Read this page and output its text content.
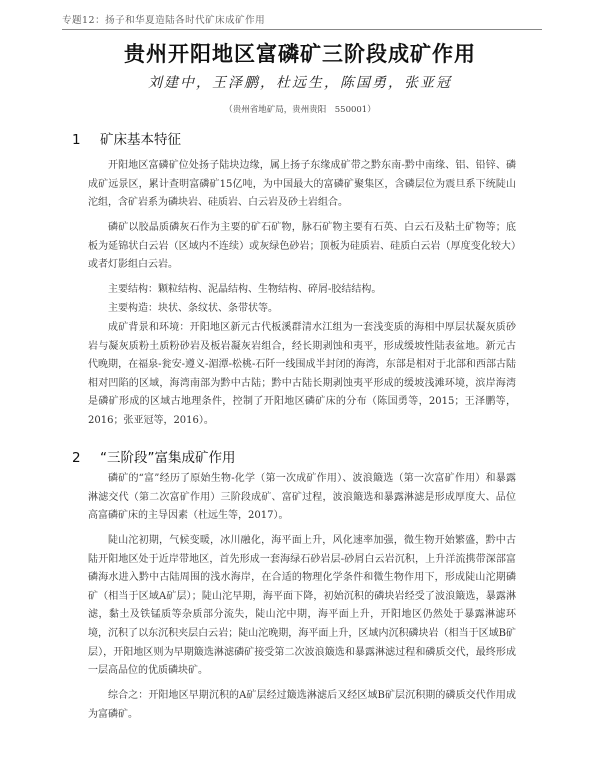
专题12：扬子和华夏造陆各时代矿床成矿作用
贵州开阳地区富磷矿三阶段成矿作用
刘建中，王泽鹏，杜远生，陈国勇，张亚冠
（贵州省地矿局，贵州贵阳　550001）
1 矿床基本特征
开阳地区富磷矿位处扬子陆块边缘，属上扬子东缘成矿带之黔东南-黔中南缘、铝、铅锌、磷成矿远景区，累计查明富磷矿15亿吨，为中国最大的富磷矿聚集区，含磷层位为震旦系下统陡山沱组，含矿岩系为磷块岩、硅质岩、白云岩及砂土岩组合。
磷矿以胶晶质磷灰石作为主要的矿石矿物，脉石矿物主要有石英、白云石及粘土矿物等；底板为延锦状白云岩（区域内不连续）或灰绿色砂岩；顶板为硅质岩、硅质白云岩（厚度变化较大）或者灯影组白云岩。
主要结构：颗粒结构、泥晶结构、生物结构、碎屑-胶结结构。
主要构造：块状、条纹状、条带状等。
成矿背景和环境：开阳地区新元古代板溪群清水江组为一套浅变质的海相中厚层状凝灰质砂岩与凝灰质粉土质粉砂岩及板岩凝灰岩组合，经长期剥蚀和夷平，形成缓坡性陆表盆地。新元古代晚期，在福泉-瓮安-遵义-湄潭-松桃-石阡一线围成半封闭的海湾，东部是相对于北部和西部古陆相对凹陷的区域，海湾南部为黔中古陆；黔中古陆长期剥蚀夷平形成的缓坡浅滩环境，滨岸海湾是磷矿形成的区域古地理条件，控制了开阳地区磷矿床的分布（陈国勇等，2015；王泽鹏等，2016；张亚冠等，2016）。
2 “三阶段”富集成矿作用
磷矿的“富”经历了原始生物-化学（第一次成矿作用）、波浪簸选（第一次富矿作用）和暴露淋滤交代（第二次富矿作用）三阶段成矿、富矿过程，波浪簸选和暴露淋滤是形成厚度大、品位高富磷矿床的主导因素（杜远生等，2017）。
陡山沱初期，气候变暖，冰川融化，海平面上升，风化速率加强，微生物开始繁盛，黔中古陆开阳地区处于近岸带地区，首先形成一套海绿石砂岩层-砂屑白云岩沉积，上升洋流携带深部富磷海水进入黔中古陆周围的浅水海岸，在合适的物理化学条件和微生物作用下，形成陡山沱期磷矿（相当于区域A矿层）；陡山沱早期，海平面下降，初始沉积的磷块岩经受了波浪簸选，暴露淋滤，黏土及铁锰质等杂质部分流失，陡山沱中期，海平面上升，开阳地区仍然处于暴露淋滤环境，沉积了以东沉积夹层白云岩；陡山沱晚期，海平面上升，区域内沉积磷块岩（相当于区域B矿层），开阳地区则为早期簸选淋滤磷矿接受第二次波浪簸选和暴露淋滤过程和磷质交代，最终形成一层高品位的优质磷块矿。
综合之：开阳地区早期沉积的A矿层经过簸选淋滤后又经区域B矿层沉积期的磷质交代作用成为富磷矿。
